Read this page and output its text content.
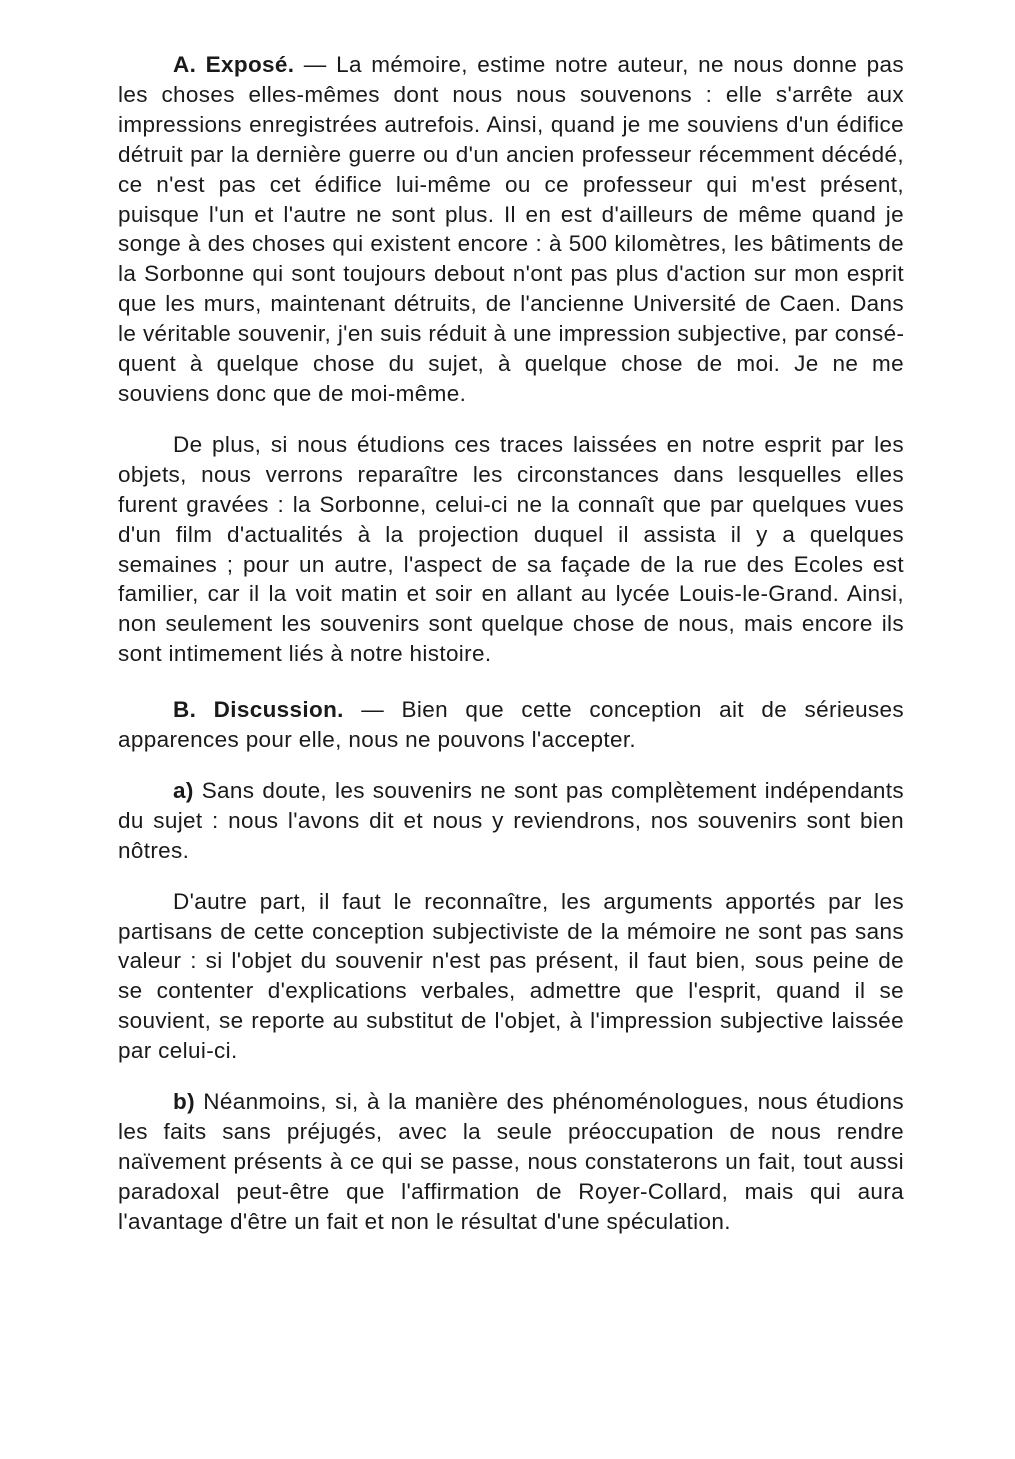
A. Exposé. — La mémoire, estime notre auteur, ne nous donne pas les choses elles-mêmes dont nous nous souvenons : elle s'arrête aux impressions enregistrées autrefois. Ainsi, quand je me souviens d'un édifice détruit par la dernière guerre ou d'un ancien professeur récemment décédé, ce n'est pas cet édifice lui-même ou ce professeur qui m'est présent, puisque l'un et l'autre ne sont plus. Il en est d'ailleurs de même quand je songe à des choses qui existent encore : à 500 kilomètres, les bâtiments de la Sorbonne qui sont toujours debout n'ont pas plus d'action sur mon esprit que les murs, maintenant détruits, de l'ancienne Université de Caen. Dans le véritable souvenir, j'en suis réduit à une impression subjective, par conséquent à quelque chose du sujet, à quelque chose de moi. Je ne me souviens donc que de moi-même.

De plus, si nous étudions ces traces laissées en notre esprit par les objets, nous verrons reparaître les circonstances dans lesquelles elles furent gravées : la Sorbonne, celui-ci ne la connaît que par quelques vues d'un film d'actualités à la projection duquel il assista il y a quelques semaines ; pour un autre, l'aspect de sa façade de la rue des Ecoles est familier, car il la voit matin et soir en allant au lycée Louis-le-Grand. Ainsi, non seulement les souvenirs sont quelque chose de nous, mais encore ils sont intimement liés à notre histoire.

B. Discussion. — Bien que cette conception ait de sérieuses apparences pour elle, nous ne pouvons l'accepter.

a) Sans doute, les souvenirs ne sont pas complètement indépendants du sujet : nous l'avons dit et nous y reviendrons, nos souvenirs sont bien nôtres.

D'autre part, il faut le reconnaître, les arguments apportés par les partisans de cette conception subjectiviste de la mémoire ne sont pas sans valeur : si l'objet du souvenir n'est pas présent, il faut bien, sous peine de se contenter d'explications verbales, admettre que l'esprit, quand il se souvient, se reporte au substitut de l'objet, à l'impression subjective laissée par celui-ci.

b) Néanmoins, si, à la manière des phénoménologues, nous étudions les faits sans préjugés, avec la seule préoccupation de nous rendre naïvement présents à ce qui se passe, nous constaterons un fait, tout aussi paradoxal peut-être que l'affirmation de Royer-Collard, mais qui aura l'avantage d'être un fait et non le résultat d'une spéculation.
